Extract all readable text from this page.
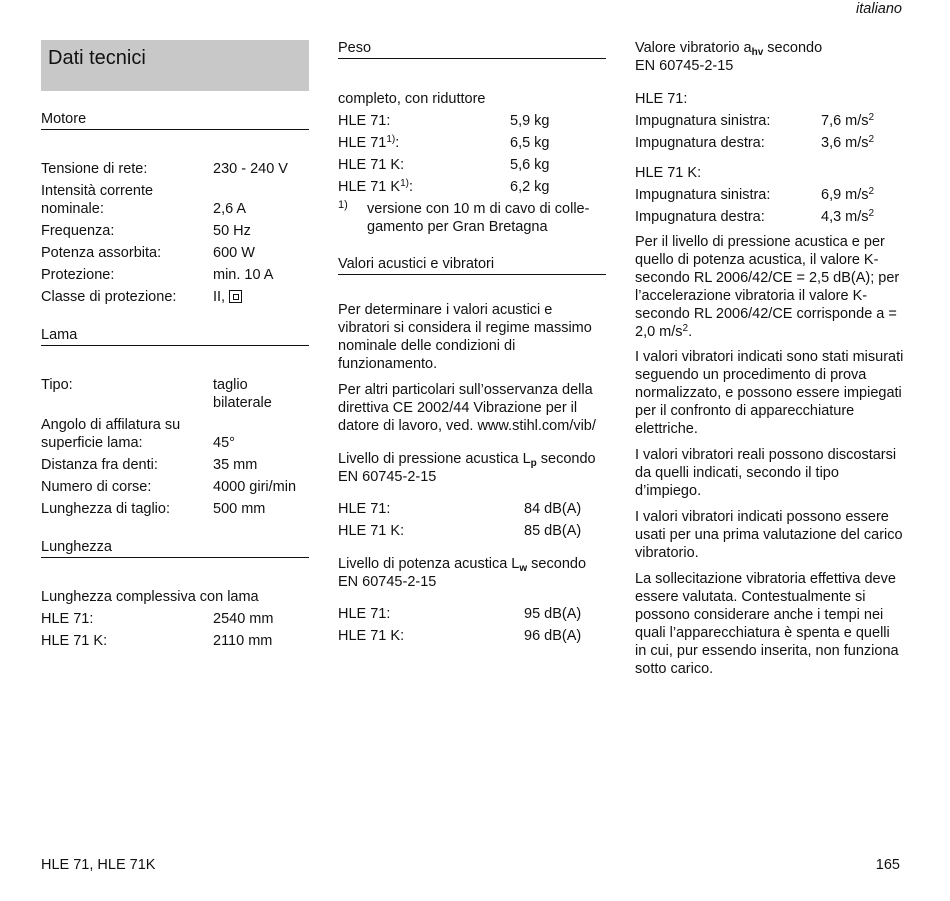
italiano
Dati tecnici
Motore
Tensione di rete:	230 - 240 V
Intensità corrente nominale:	2,6 A
Frequenza:	50 Hz
Potenza assorbita:	600 W
Protezione:	min. 10 A
Classe di protezione:	II,
Lama
Tipo:	taglio bilaterale
Angolo di affilatura su superficie lama:	45°
Distanza fra denti:	35 mm
Numero di corse:	4000 giri/min
Lunghezza di taglio:	500 mm
Lunghezza
Lunghezza complessiva con lama
HLE 71:	2540 mm
HLE 71 K:	2110 mm
Peso
completo, con riduttore
HLE 71:	5,9 kg
HLE 71$^{1)}$:	6,5 kg
HLE 71 K:	5,6 kg
HLE 71 $K^{1)}$:	6,2 kg
1) versione con 10 m di cavo di colle-gamento per Gran Bretagna
Valori acustici e vibratori
Per determinare i valori acustici e vibratori si considera il regime massimo nominale delle condizioni di funzionamento.
Per altri particolari sull’osservanza della direttiva CE 2002/44 Vibrazione per il datore di lavoro, ved. www.stihl.com/vib/
Livello di pressione acustica $L_p$ secondo
EN 60745-2-15
HLE 71:	84 dB(A)
HLE 71 K:	85 dB(A)
Livello di potenza acustica $L_w$ secondo
EN 60745-2-15
HLE 71:	95 dB(A)
HLE 71 K:	96 dB(A)
Valore vibratorio $a_{hv}$ secondo
EN 60745-2-15
HLE 71:
Impugnatura sinistra:	7,6 $m/s^2$
Impugnatura destra:	3,6 $m/s^2$
HLE 71 K:
Impugnatura sinistra:	6,9 $m/s^2$
Impugnatura destra:	4,3 $m/s^2$
Per il livello di pressione acustica e per quello di potenza acustica, il valore K-secondo RL 2006/42/CE = 2,5 dB(A); per l’accelerazione vibratoria il valore K-secondo RL 2006/42/CE corrisponde a = 2,0 $m/s^2$.
I valori vibratori indicati sono stati misurati seguendo un procedimento di prova normalizzato, e possono essere impiegati per il confronto di apparecchiature elettriche.
I valori vibratori reali possono discostarsi da quelli indicati, secondo il tipo d’impiego.
I valori vibratori indicati possono essere usati per una prima valutazione del carico vibratorio.
La sollecitazione vibratoria effettiva deve essere valutata. Contestualmente si possono considerare anche i tempi nei quali l’apparecchiatura è spenta e quelli in cui, pur essendo inserita, non funziona sotto carico.
HLE 71, HLE 71K	165
